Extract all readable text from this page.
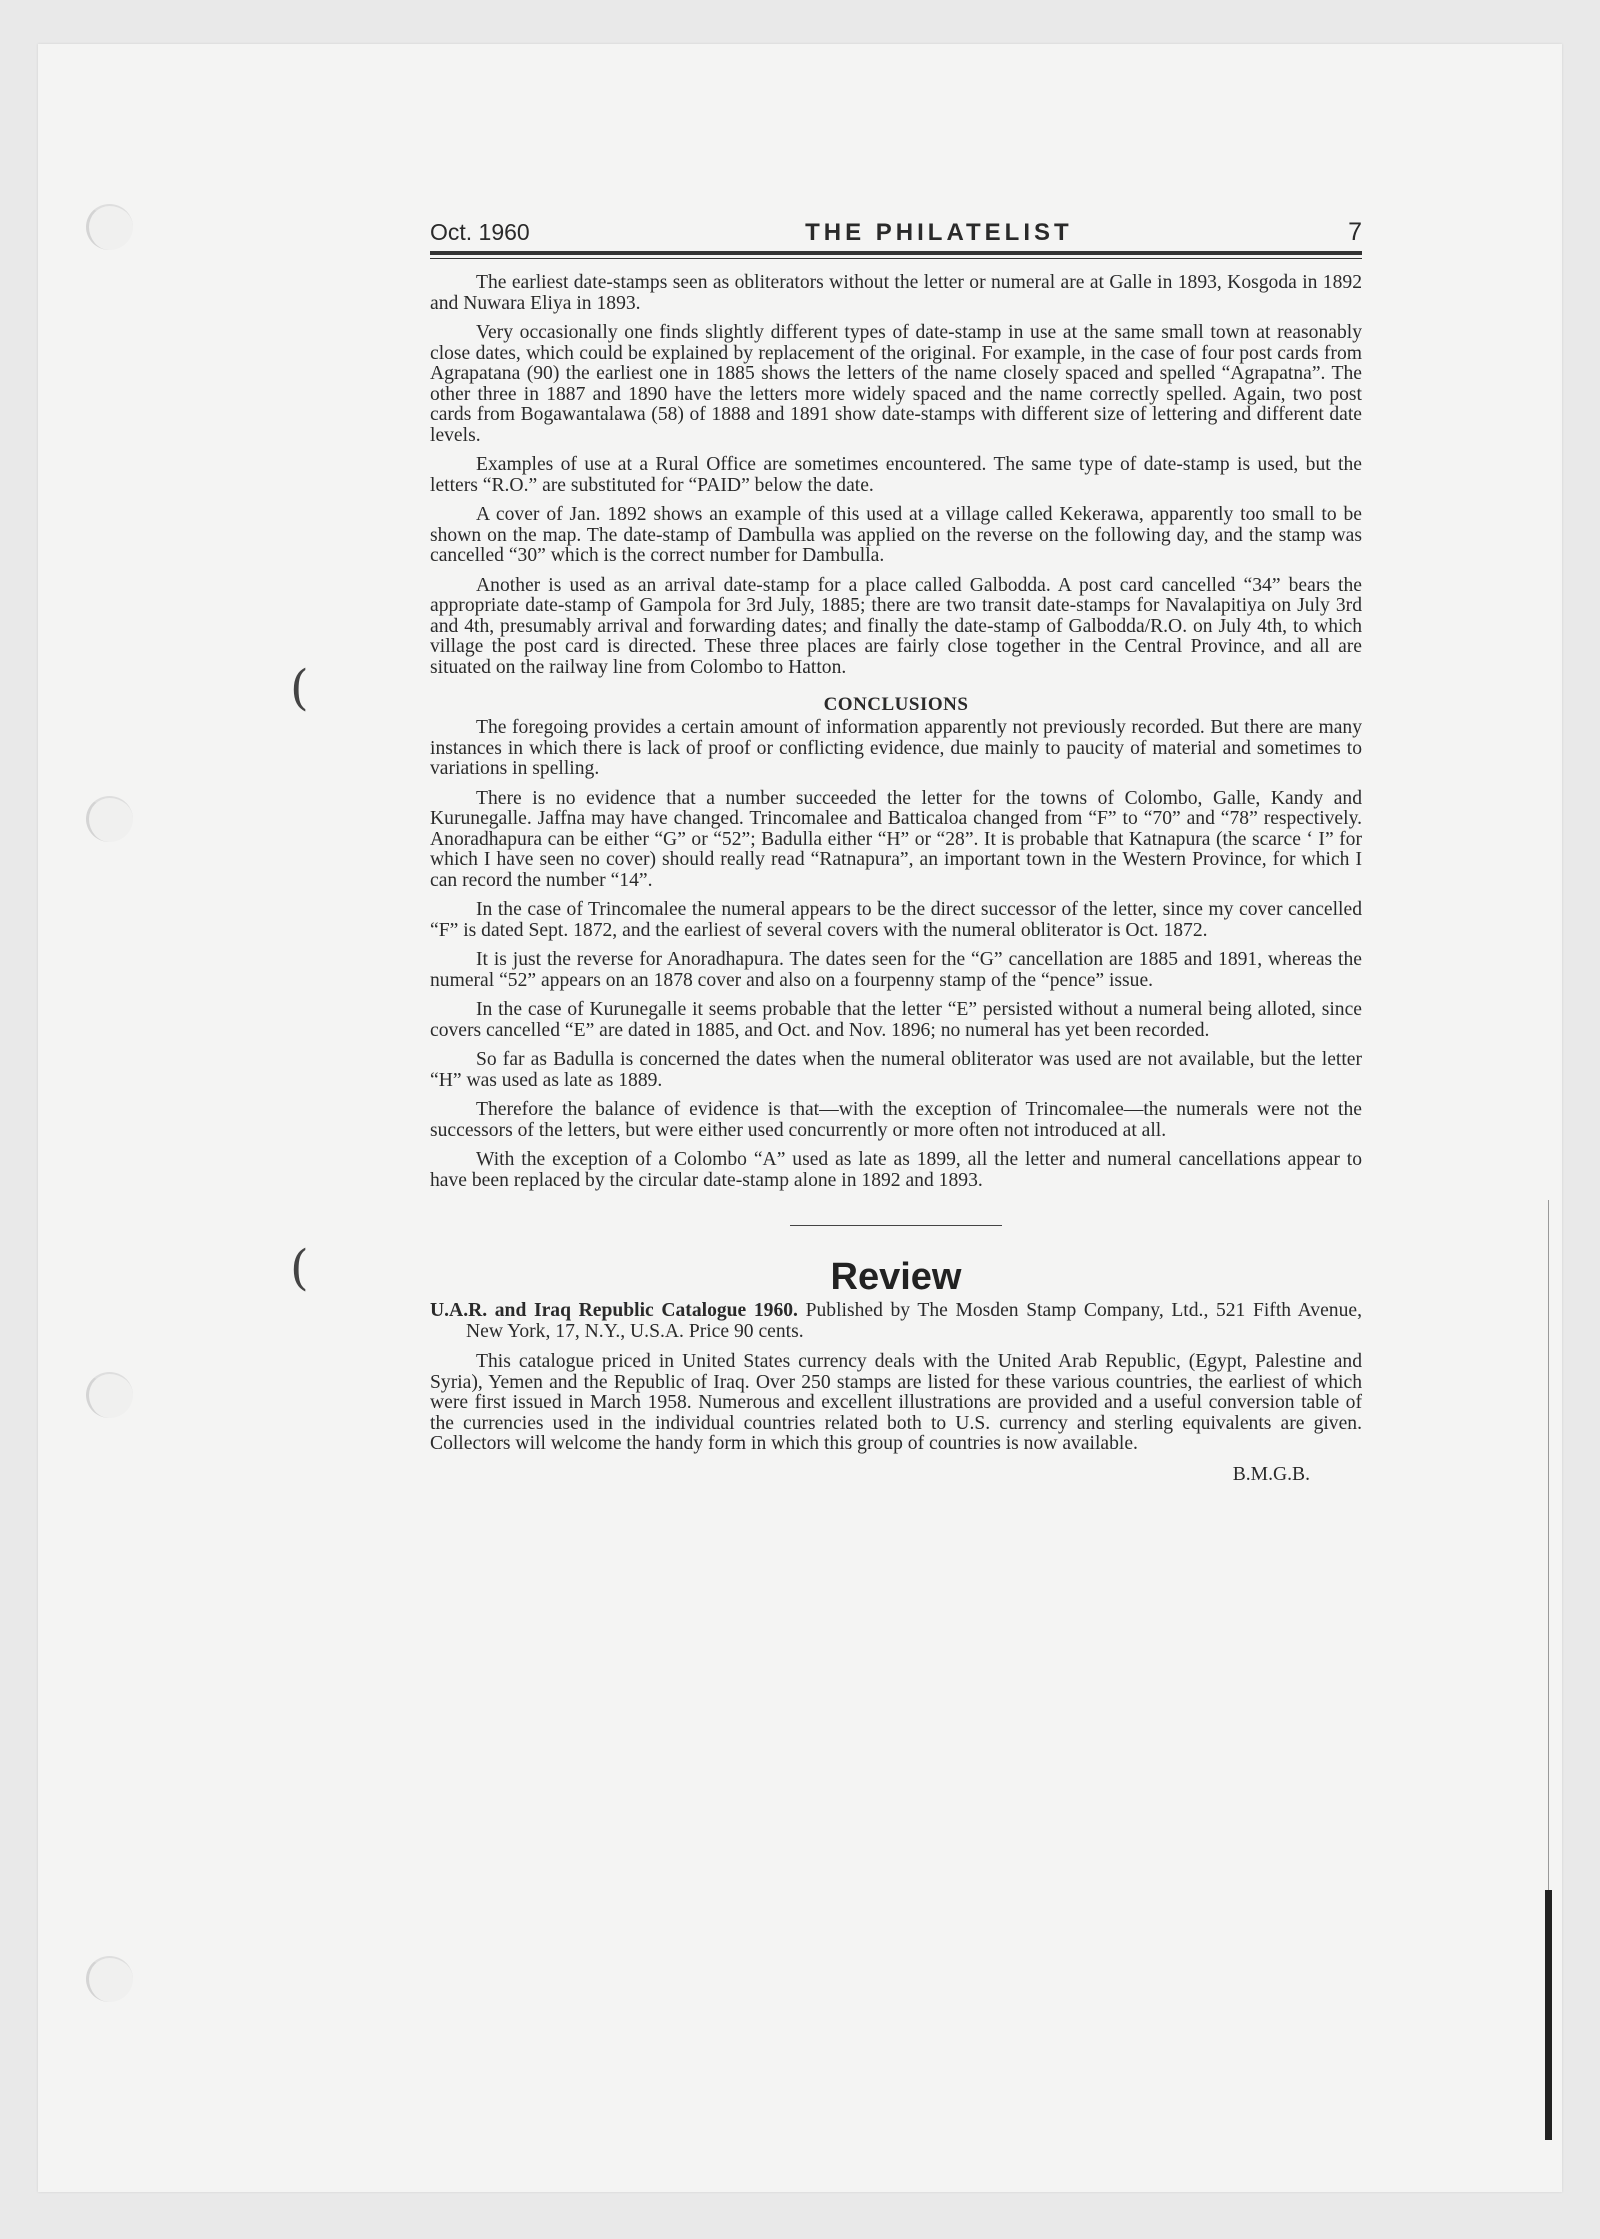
(
(
Oct. 1960	THE PHILATELIST	7

The earliest date-stamps seen as obliterators without the letter or numeral are at Galle in 1893, Kosgoda in 1892 and Nuwara Eliya in 1893.

Very occasionally one finds slightly different types of date-stamp in use at the same small town at reasonably close dates, which could be explained by replacement of the original. For example, in the case of four post cards from Agrapatana (90) the earliest one in 1885 shows the letters of the name closely spaced and spelled “Agrapatna”. The other three in 1887 and 1890 have the letters more widely spaced and the name correctly spelled. Again, two post cards from Bogawantalawa (58) of 1888 and 1891 show date-stamps with different size of lettering and different date levels.

Examples of use at a Rural Office are sometimes encountered. The same type of date-stamp is used, but the letters “R.O.” are substituted for “PAID” below the date.

A cover of Jan. 1892 shows an example of this used at a village called Kekerawa, apparently too small to be shown on the map. The date-stamp of Dambulla was applied on the reverse on the following day, and the stamp was cancelled “30” which is the correct number for Dambulla.

Another is used as an arrival date-stamp for a place called Galbodda. A post card cancelled “34” bears the appropriate date-stamp of Gampola for 3rd July, 1885; there are two transit date-stamps for Navalapitiya on July 3rd and 4th, presumably arrival and forwarding dates; and finally the date-stamp of Galbodda/R.O. on July 4th, to which village the post card is directed. These three places are fairly close together in the Central Province, and all are situated on the railway line from Colombo to Hatton.

CONCLUSIONS

The foregoing provides a certain amount of information apparently not previously recorded. But there are many instances in which there is lack of proof or conflicting evidence, due mainly to paucity of material and sometimes to variations in spelling.

There is no evidence that a number succeeded the letter for the towns of Colombo, Galle, Kandy and Kurunegalle. Jaffna may have changed. Trincomalee and Batticaloa changed from “F” to “70” and “78” respectively. Anoradhapura can be either “G” or “52”; Badulla either “H” or “28”. It is probable that Katnapura (the scarce ‘ I” for which I have seen no cover) should really read “Ratnapura”, an important town in the Western Province, for which I can record the number “14”.

In the case of Trincomalee the numeral appears to be the direct successor of the letter, since my cover cancelled “F” is dated Sept. 1872, and the earliest of several covers with the numeral obliterator is Oct. 1872.

It is just the reverse for Anoradhapura. The dates seen for the “G” cancellation are 1885 and 1891, whereas the numeral “52” appears on an 1878 cover and also on a fourpenny stamp of the “pence” issue.

In the case of Kurunegalle it seems probable that the letter “E” persisted without a numeral being alloted, since covers cancelled “E” are dated in 1885, and Oct. and Nov. 1896; no numeral has yet been recorded.

So far as Badulla is concerned the dates when the numeral obliterator was used are not available, but the letter “H” was used as late as 1889.

Therefore the balance of evidence is that—with the exception of Trincomalee—the numerals were not the successors of the letters, but were either used concurrently or more often not introduced at all.

With the exception of a Colombo “A” used as late as 1899, all the letter and numeral cancellations appear to have been replaced by the circular date-stamp alone in 1892 and 1893.

Review

U.A.R. and Iraq Republic Catalogue 1960. Published by The Mosden Stamp Company, Ltd., 521 Fifth Avenue, New York, 17, N.Y., U.S.A. Price 90 cents.

This catalogue priced in United States currency deals with the United Arab Republic, (Egypt, Palestine and Syria), Yemen and the Republic of Iraq. Over 250 stamps are listed for these various countries, the earliest of which were first issued in March 1958. Numerous and excellent illustrations are provided and a useful conversion table of the currencies used in the individual countries related both to U.S. currency and sterling equivalents are given. Collectors will welcome the handy form in which this group of countries is now available.

B.M.G.B.
